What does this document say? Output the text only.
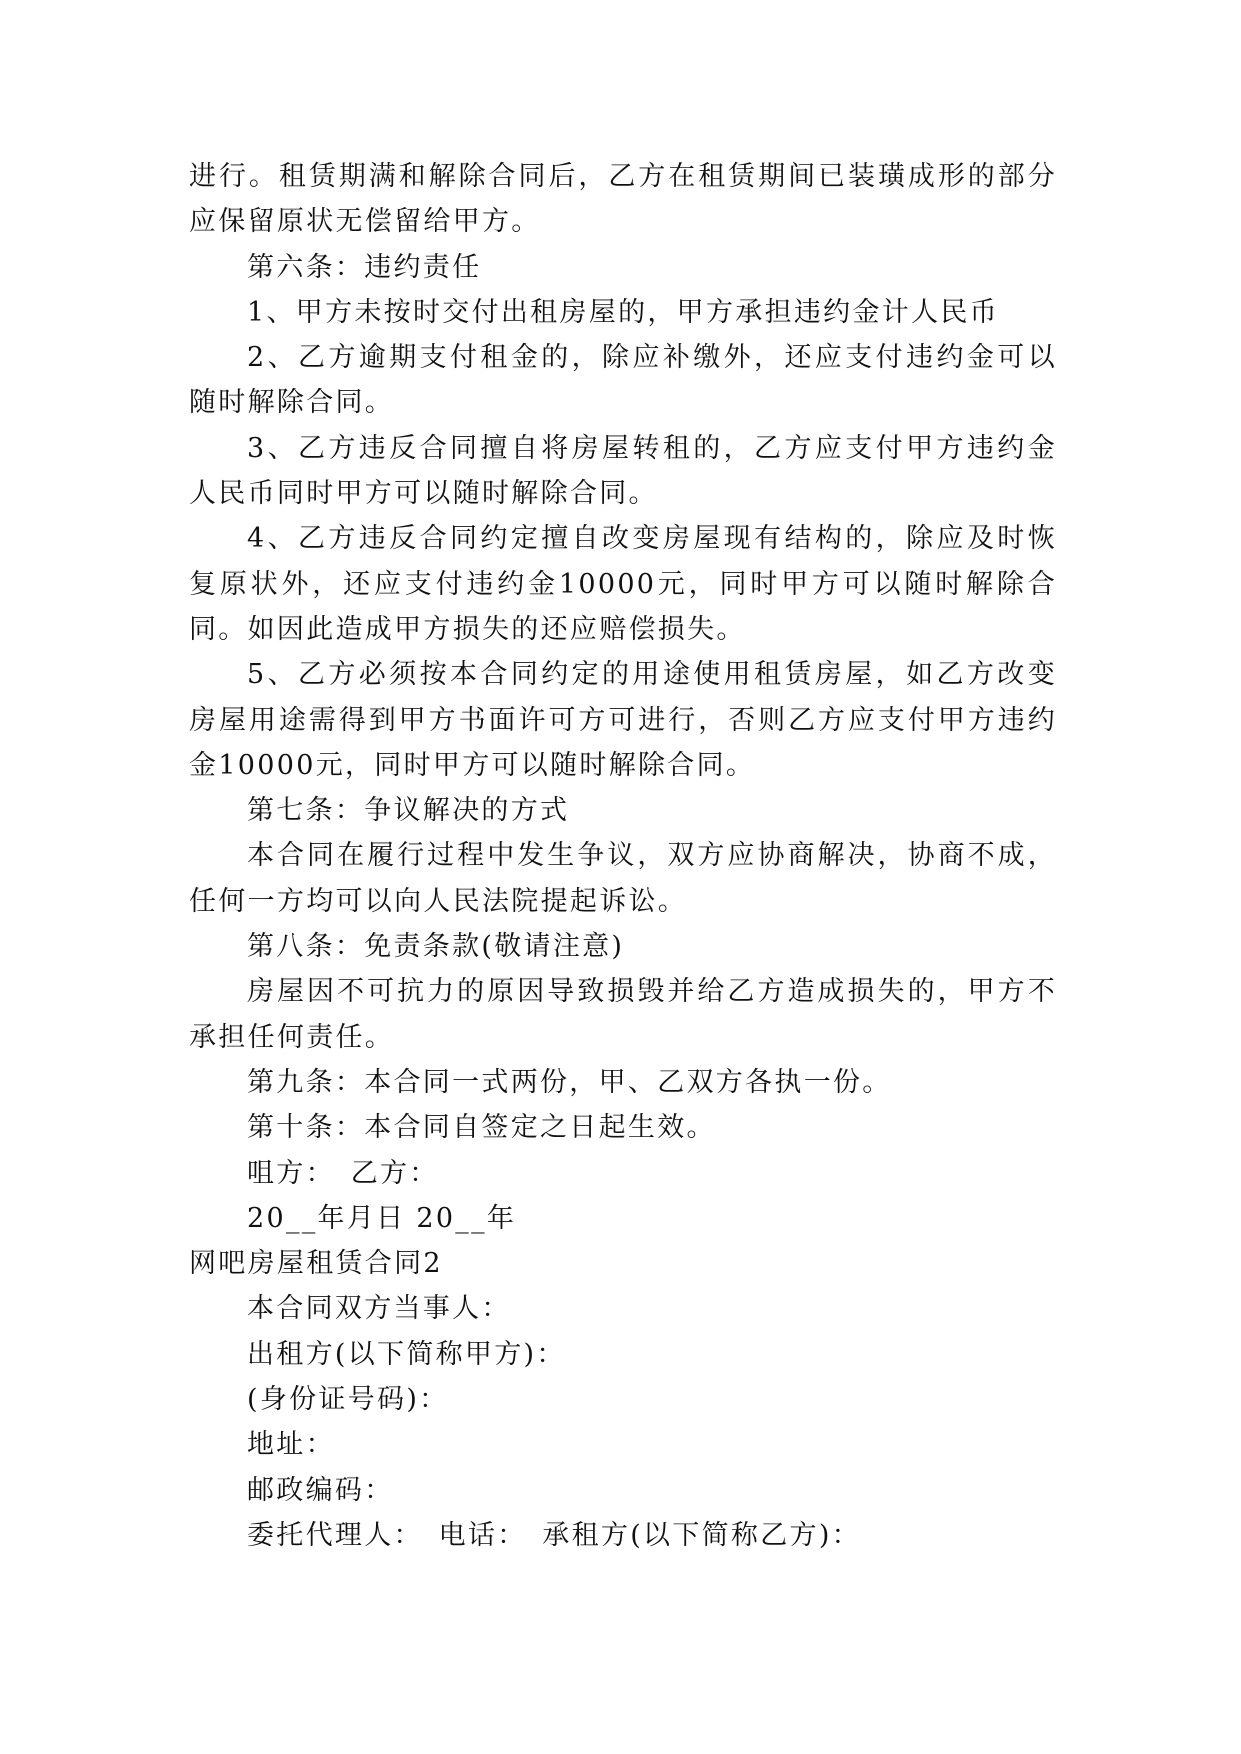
进行。租赁期满和解除合同后，乙方在租赁期间已装璜成形的部分应保留原状无偿留给甲方。

第六条：违约责任

1、甲方未按时交付出租房屋的，甲方承担违约金计人民币

2、乙方逾期支付租金的，除应补缴外，还应支付违约金可以随时解除合同。

3、乙方违反合同擅自将房屋转租的，乙方应支付甲方违约金人民币同时甲方可以随时解除合同。

4、乙方违反合同约定擅自改变房屋现有结构的，除应及时恢复原状外，还应支付违约金10000元，同时甲方可以随时解除合同。如因此造成甲方损失的还应赔偿损失。

5、乙方必须按本合同约定的用途使用租赁房屋，如乙方改变房屋用途需得到甲方书面许可方可进行，否则乙方应支付甲方违约金10000元，同时甲方可以随时解除合同。

第七条：争议解决的方式

本合同在履行过程中发生争议，双方应协商解决，协商不成，任何一方均可以向人民法院提起诉讼。

第八条：免责条款(敬请注意)

房屋因不可抗力的原因导致损毁并给乙方造成损失的，甲方不承担任何责任。

第九条：本合同一式两份，甲、乙双方各执一份。

第十条：本合同自签定之日起生效。

咀方：　乙方：

20__年月日 20__年

网吧房屋租赁合同2

本合同双方当事人：

出租方(以下简称甲方)：

(身份证号码)：

地址：

邮政编码：

委托代理人：　电话：　承租方(以下简称乙方)：
